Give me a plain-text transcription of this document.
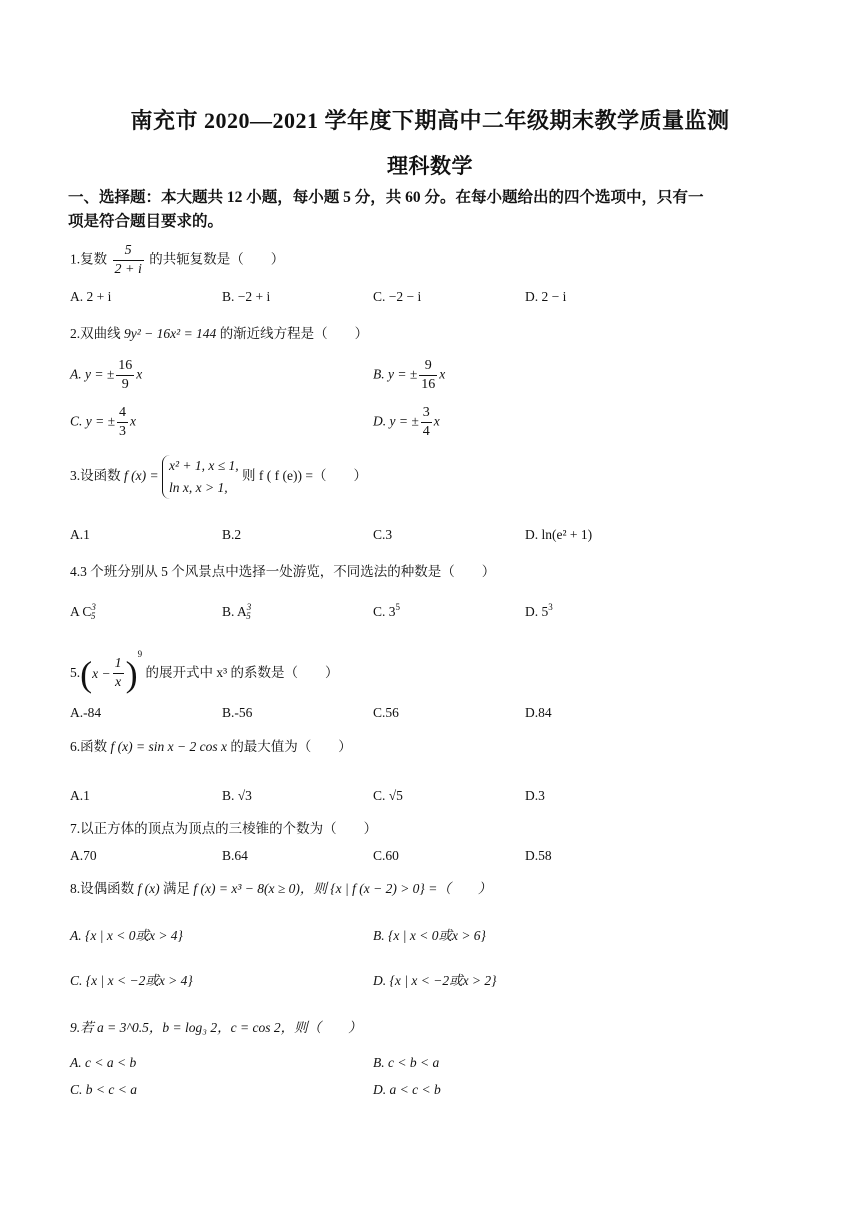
南充市 2020—2021 学年度下期高中二年级期末教学质量监测
理科数学
一、选择题：本大题共 12 小题，每小题 5 分，共 60 分。在每小题给出的四个选项中，只有一
项是符合题目要求的。
1.复数 $\frac{5}{2 + i}$ 的共轭复数是（　　）
A. 2 + i	B. −2 + i	C. −2 − i	D. 2 − i
2.双曲线 9y² − 16x² = 144 的渐近线方程是（　　）
A. y = ± $\frac{16}{9}$ x	B. y = ± $\frac{9}{16}$ x
C. y = ± $\frac{4}{3}$ x	D. y = ± $\frac{3}{4}$ x
3.设函数 f (x) =
x² + 1, x ≤ 1,
ln x, x > 1,
则 f ( f (e)) =（　　）
A.1	B.2	C.3	D. ln(e² + 1)
4.3 个班分别从 5 个风景点中选择一处游览，不同选法的种数是（　　）
A $C^3_5$	B. $A^3_5$	C. $3^5$	D. $5^3$
$5.(x - \frac{1}{x} )^9$ 的展开式中 x³ 的系数是（　　）
A.-84	B.-56	C.56	D.84
6.函数 f (x) = sin x − 2 cos x 的最大值为（　　）
A.1	B. √3	C. √5	D.3
7.以正方体的顶点为顶点的三棱锥的个数为（　　）
A.70	B.64	C.60	D.58
8.设偶函数 f (x) 满足 f (x) = x³ − 8(x ≥ 0)，则 {x | f (x − 2) > 0} =（　　）
A. {x | x < 0或x > 4}	B. {x | x < 0或x > 6}
C. {x | x < −2或x > 4}	D. {x | x < −2或x > 2}
9.若 a = 3^0.5，b = log₃ 2，c = cos 2，则（　　）
A. c < a < b	B. c < b < a
C. b < c < a	D. a < c < b
